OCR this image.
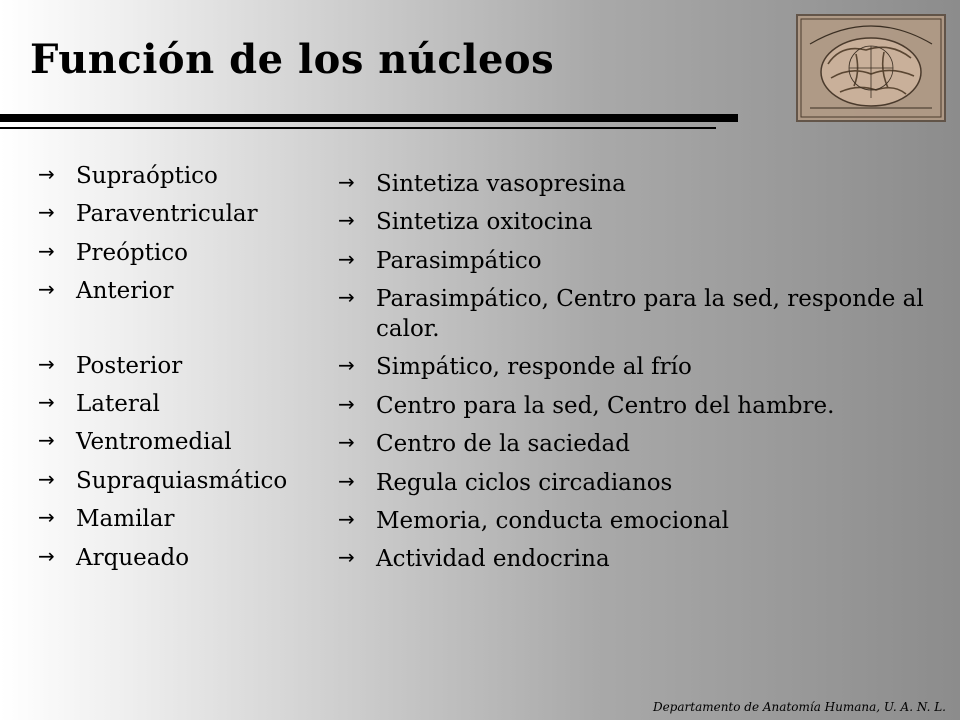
Función de los núcleos
→ Supraóptico
→ Paraventricular
→ Preóptico
→ Anterior
→ Posterior
→ Lateral
→ Ventromedial
→ Supraquiasmático
→ Mamilar
→ Arqueado
→ Sintetiza vasopresina
→ Sintetiza oxitocina
→ Parasimpático
→ Parasimpático, Centro para la sed, responde al calor.
→ Simpático, responde al frío
→ Centro para la sed, Centro del hambre.
→ Centro de la saciedad
→ Regula ciclos circadianos
→ Memoria, conducta emocional
→ Actividad endocrina
Departamento de Anatomía Humana, U. A. N. L.
